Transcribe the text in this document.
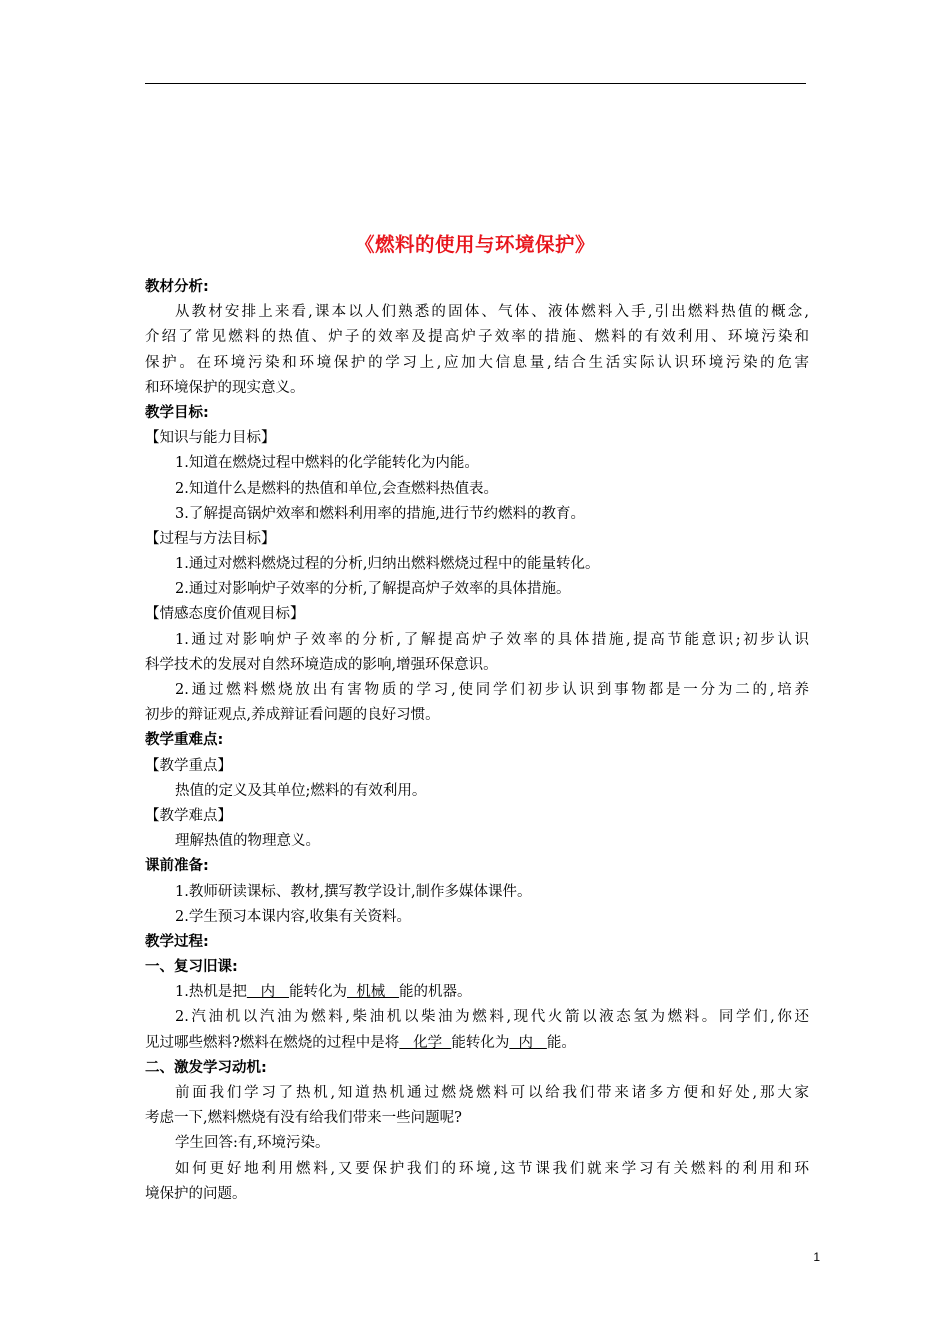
《燃料的使用与环境保护》
教材分析:
从教材安排上来看,课本以人们熟悉的固体、气体、液体燃料入手,引出燃料热值的概念,
介绍了常见燃料的热值、炉子的效率及提高炉子效率的措施、燃料的有效利用、环境污染和
保护。在环境污染和环境保护的学习上,应加大信息量,结合生活实际认识环境污染的危害
和环境保护的现实意义。
教学目标:
【知识与能力目标】
1.知道在燃烧过程中燃料的化学能转化为内能。
2.知道什么是燃料的热值和单位,会查燃料热值表。
3.了解提高锅炉效率和燃料利用率的措施,进行节约燃料的教育。
【过程与方法目标】
1.通过对燃料燃烧过程的分析,归纳出燃料燃烧过程中的能量转化。
2.通过对影响炉子效率的分析,了解提高炉子效率的具体措施。
【情感态度价值观目标】
1.通过对影响炉子效率的分析,了解提高炉子效率的具体措施,提高节能意识;初步认识
科学技术的发展对自然环境造成的影响,增强环保意识。
2.通过燃料燃烧放出有害物质的学习,使同学们初步认识到事物都是一分为二的,培养
初步的辩证观点,养成辩证看问题的良好习惯。
教学重难点:
【教学重点】
热值的定义及其单位;燃料的有效利用。
【教学难点】
理解热值的物理意义。
课前准备:
1.教师研读课标、教材,撰写教学设计,制作多媒体课件。
2.学生预习本课内容,收集有关资料。
教学过程:
一、复习旧课:
1.热机是把   内   能转化为  机械   能的机器。
2.汽油机以汽油为燃料,柴油机以柴油为燃料,现代火箭以液态氢为燃料。同学们,你还
见过哪些燃料?燃料在燃烧的过程中是将   化学  能转化为  内   能。
二、激发学习动机:
前面我们学习了热机,知道热机通过燃烧燃料可以给我们带来诸多方便和好处,那大家
考虑一下,燃料燃烧有没有给我们带来一些问题呢?
学生回答:有,环境污染。
如何更好地利用燃料,又要保护我们的环境,这节课我们就来学习有关燃料的利用和环
境保护的问题。
1
